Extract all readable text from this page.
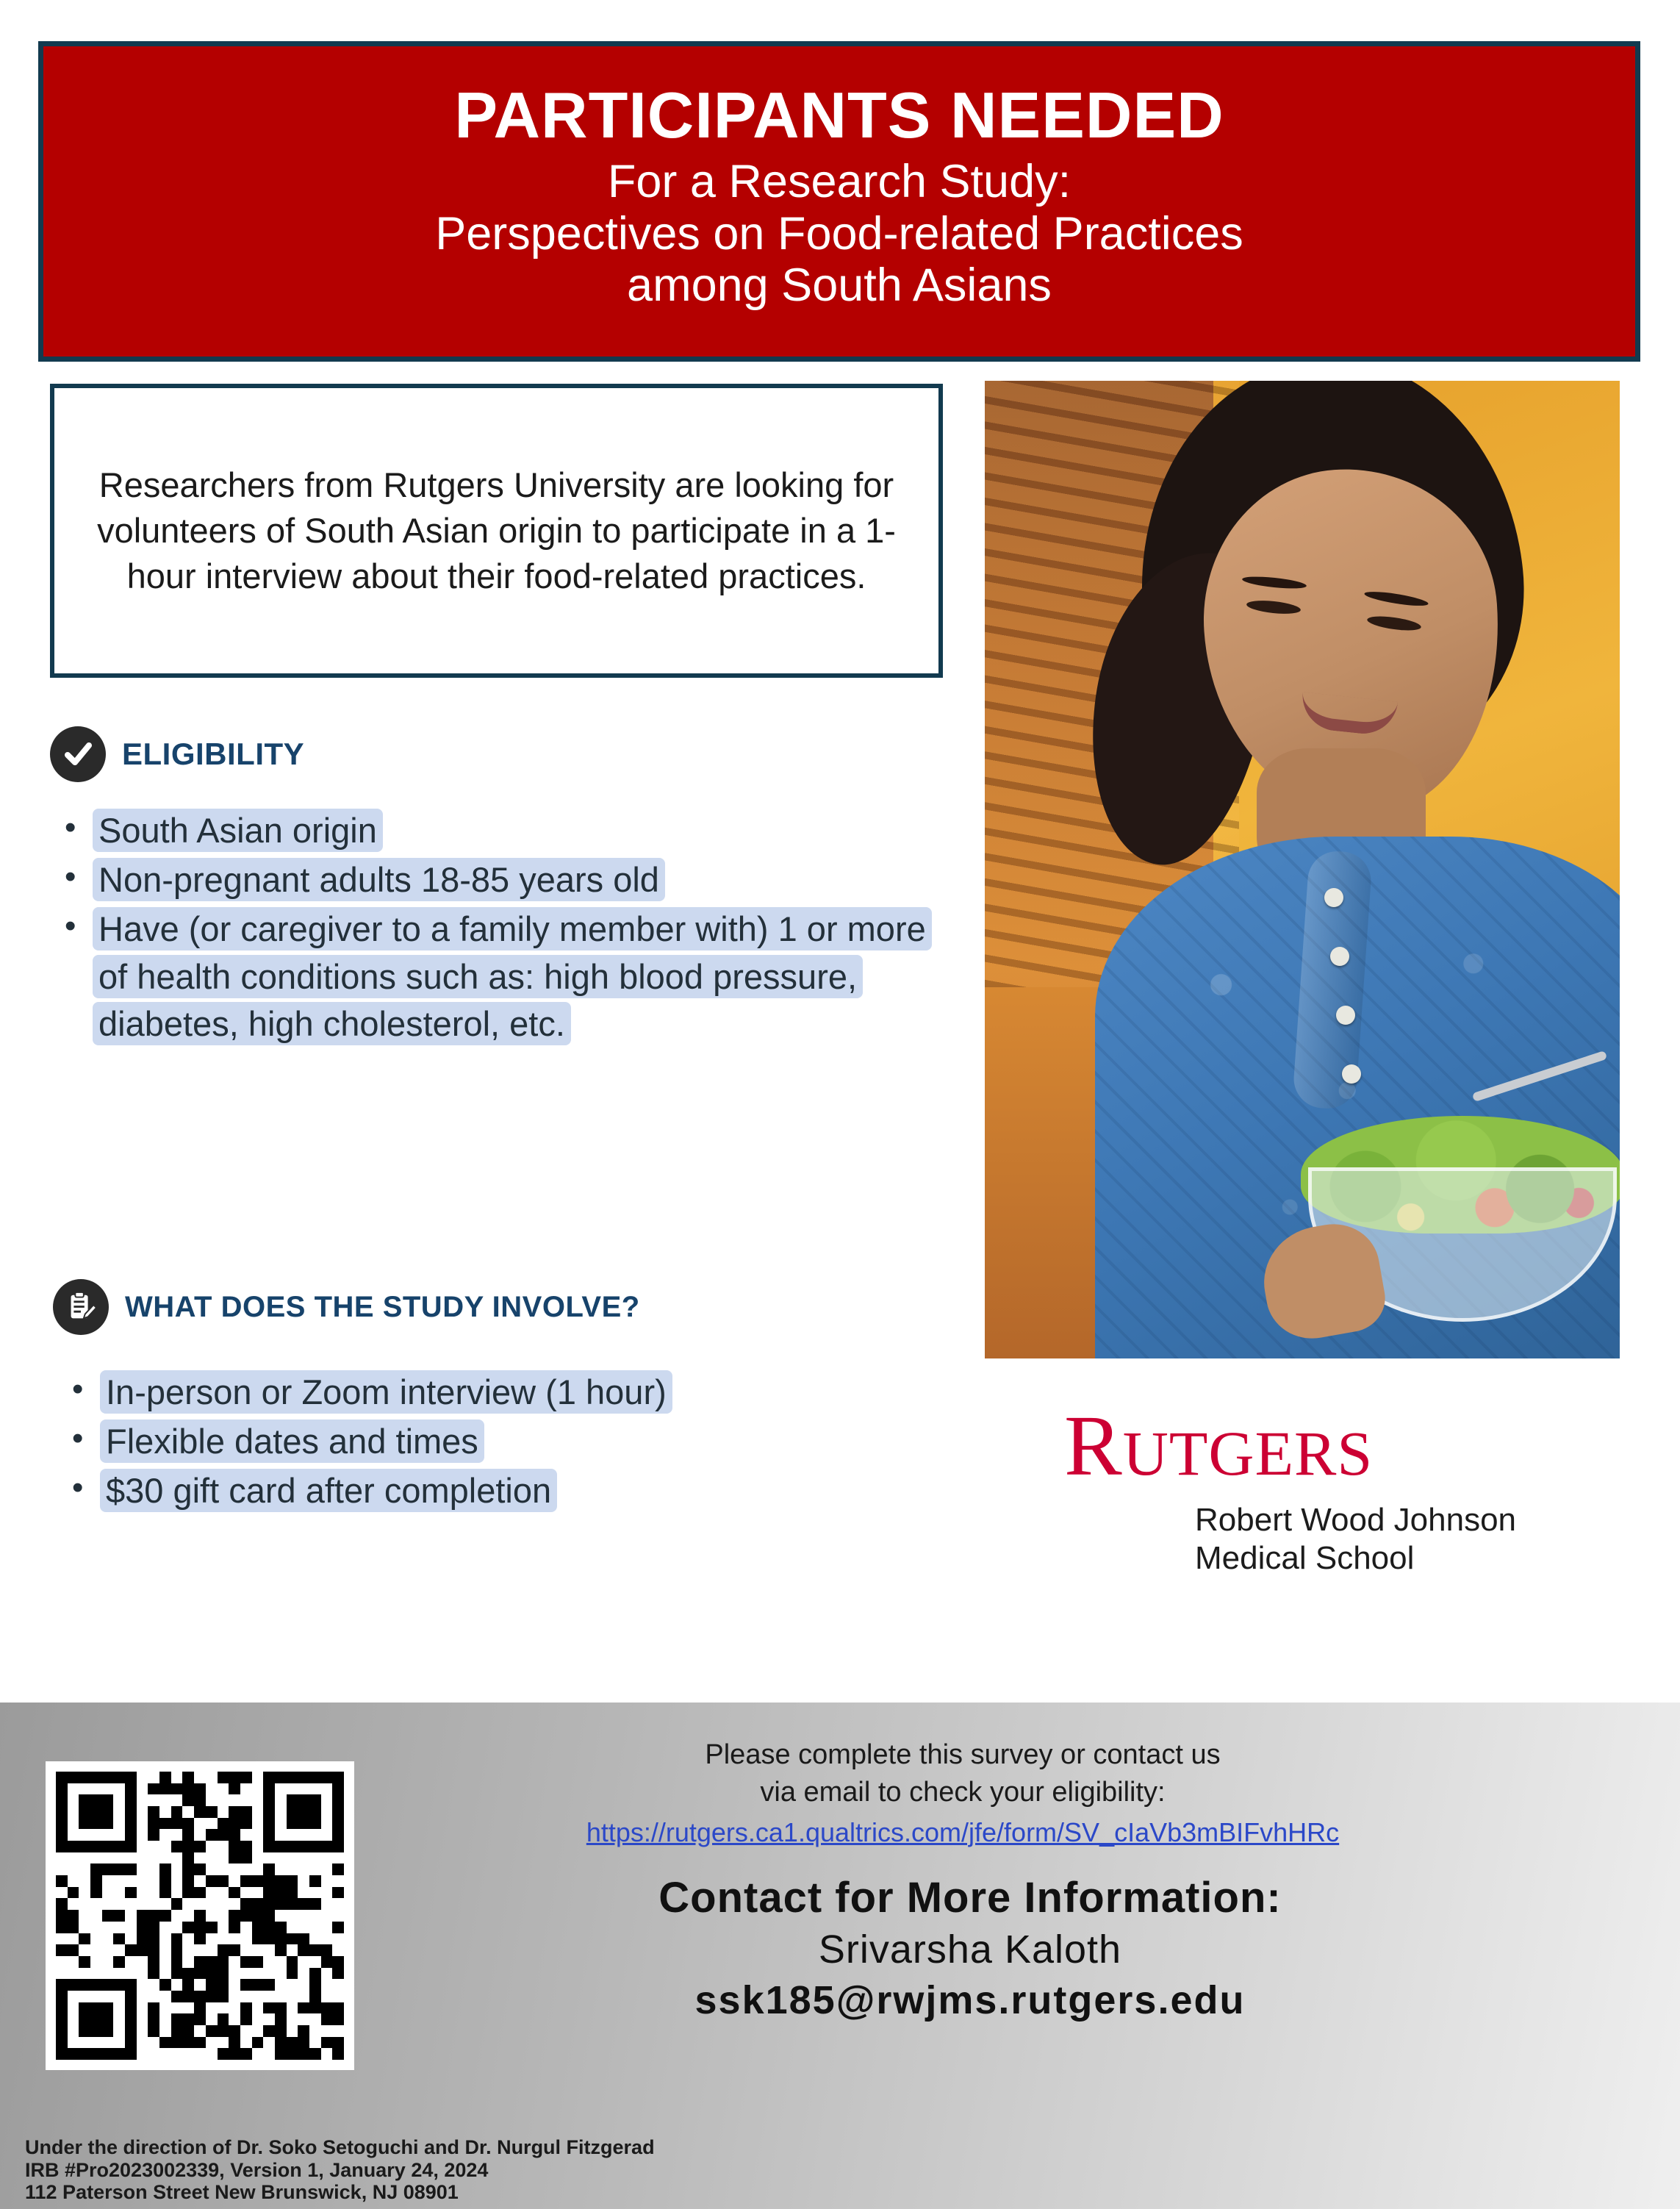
PARTICIPANTS NEEDED
For a Research Study:
Perspectives on Food-related Practices
among South Asians

Researchers from Rutgers University are looking for volunteers of South Asian origin to participate in a 1-hour interview about their food-related practices.

ELIGIBILITY
• South Asian origin
• Non-pregnant adults 18-85 years old
• Have (or caregiver to a family member with) 1 or more of health conditions such as: high blood pressure, diabetes, high cholesterol, etc.
WHAT DOES THE STUDY INVOLVE?
• In-person or Zoom interview (1 hour)
• Flexible dates and times
• $30 gift card after completion	RUTGERS
Robert Wood Johnson
Medical School
Please complete this survey or contact us
via email to check your eligibility:
https://rutgers.ca1.qualtrics.com/jfe/form/SV_cIaVb3mBIFvhHRc
Contact for More Information:
Srivarsha Kaloth
ssk185@rwjms.rutgers.edu
Under the direction of Dr. Soko Setoguchi and Dr. Nurgul Fitzgerad
IRB #Pro2023002339, Version 1, January 24, 2024
112 Paterson Street New Brunswick, NJ 08901
